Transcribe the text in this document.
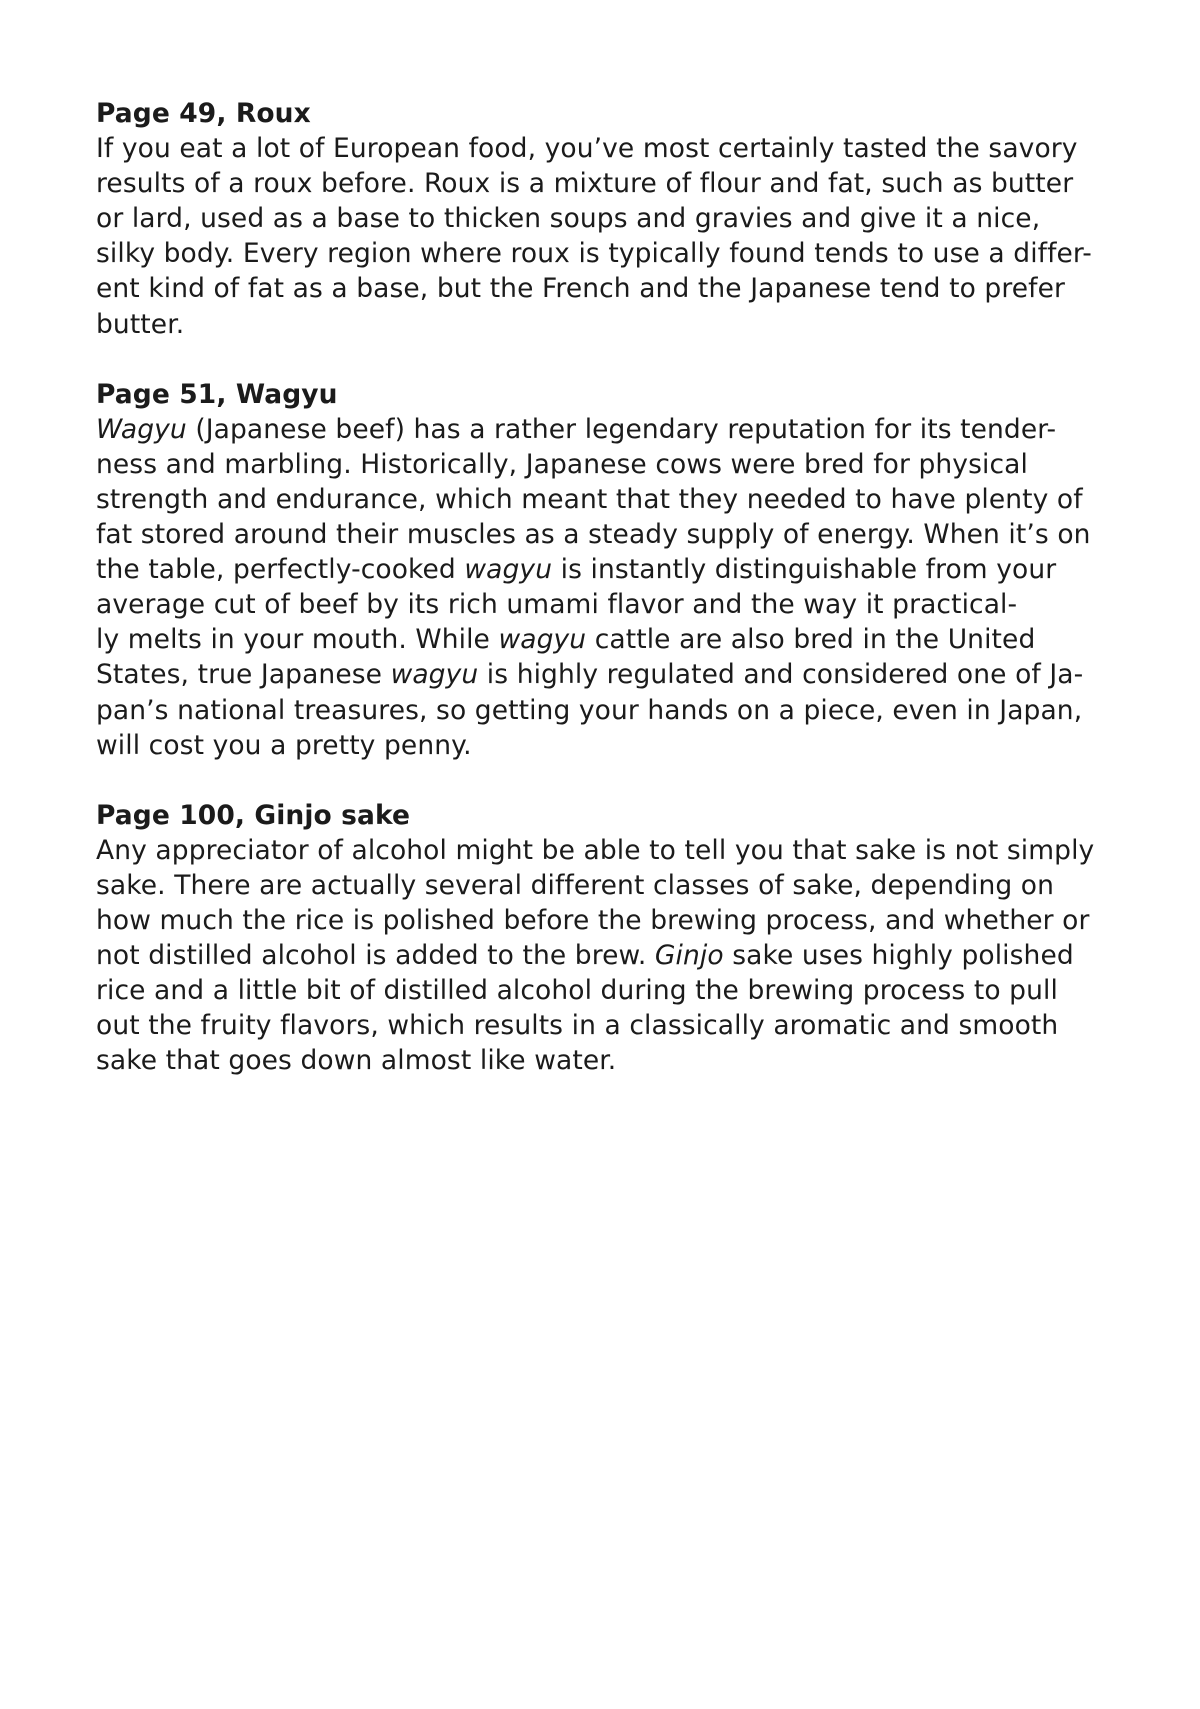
Page 49, Roux
If you eat a lot of European food, you’ve most certainly tasted the savory
results of a roux before. Roux is a mixture of flour and fat, such as butter
or lard, used as a base to thicken soups and gravies and give it a nice,
silky body. Every region where roux is typically found tends to use a differ-
ent kind of fat as a base, but the French and the Japanese tend to prefer
butter.
Page 51, Wagyu
Wagyu (Japanese beef) has a rather legendary reputation for its tender-
ness and marbling. Historically, Japanese cows were bred for physical
strength and endurance, which meant that they needed to have plenty of
fat stored around their muscles as a steady supply of energy. When it’s on
the table, perfectly-cooked wagyu is instantly distinguishable from your
average cut of beef by its rich umami flavor and the way it practical-
ly melts in your mouth. While wagyu cattle are also bred in the United
States, true Japanese wagyu is highly regulated and considered one of Ja-
pan’s national treasures, so getting your hands on a piece, even in Japan,
will cost you a pretty penny.
Page 100, Ginjo sake
Any appreciator of alcohol might be able to tell you that sake is not simply
sake. There are actually several different classes of sake, depending on
how much the rice is polished before the brewing process, and whether or
not distilled alcohol is added to the brew. Ginjo sake uses highly polished
rice and a little bit of distilled alcohol during the brewing process to pull
out the fruity flavors, which results in a classically aromatic and smooth
sake that goes down almost like water.
